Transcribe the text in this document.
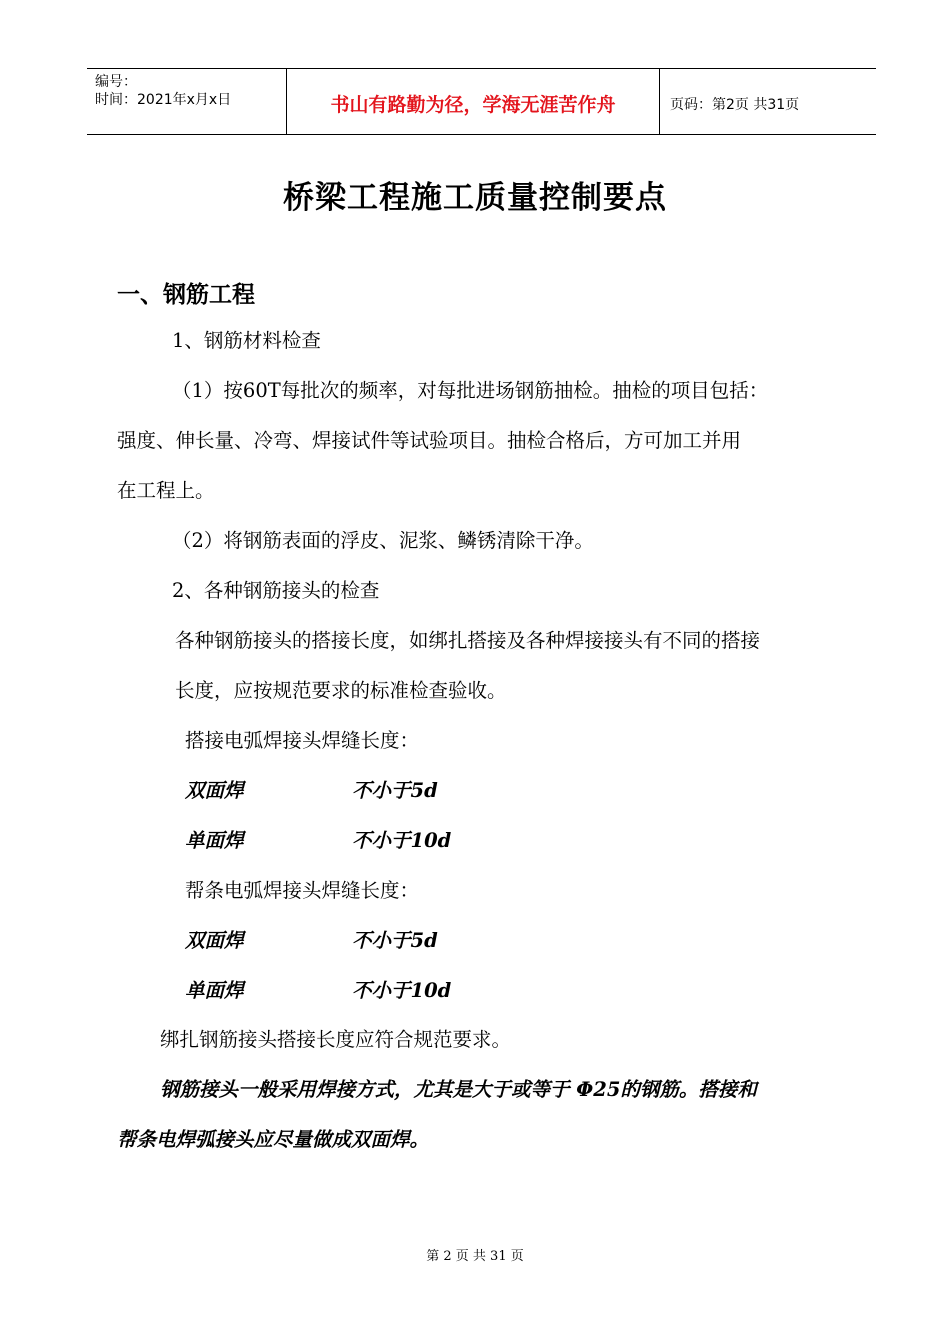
编号：
时间：2021年x月x日	书山有路勤为径，学海无涯苦作舟	页码：第2页 共31页
桥梁工程施工质量控制要点
一、钢筋工程
1、钢筋材料检查
（1）按60T每批次的频率，对每批进场钢筋抽检。抽检的项目包括：
强度、伸长量、冷弯、焊接试件等试验项目。抽检合格后，方可加工并用
在工程上。
（2）将钢筋表面的浮皮、泥浆、鳞锈清除干净。
2、各种钢筋接头的检查
各种钢筋接头的搭接长度，如绑扎搭接及各种焊接接头有不同的搭接
长度，应按规范要求的标准检查验收。
搭接电弧焊接头焊缝长度：
双面焊	不小于5d
单面焊	不小于10d
帮条电弧焊接头焊缝长度：
双面焊	不小于5d
单面焊	不小于10d
绑扎钢筋接头搭接长度应符合规范要求。
钢筋接头一般采用焊接方式，尤其是大于或等于 Φ25的钢筋。搭接和
帮条电焊弧接头应尽量做成双面焊。
第 2 页 共 31 页
